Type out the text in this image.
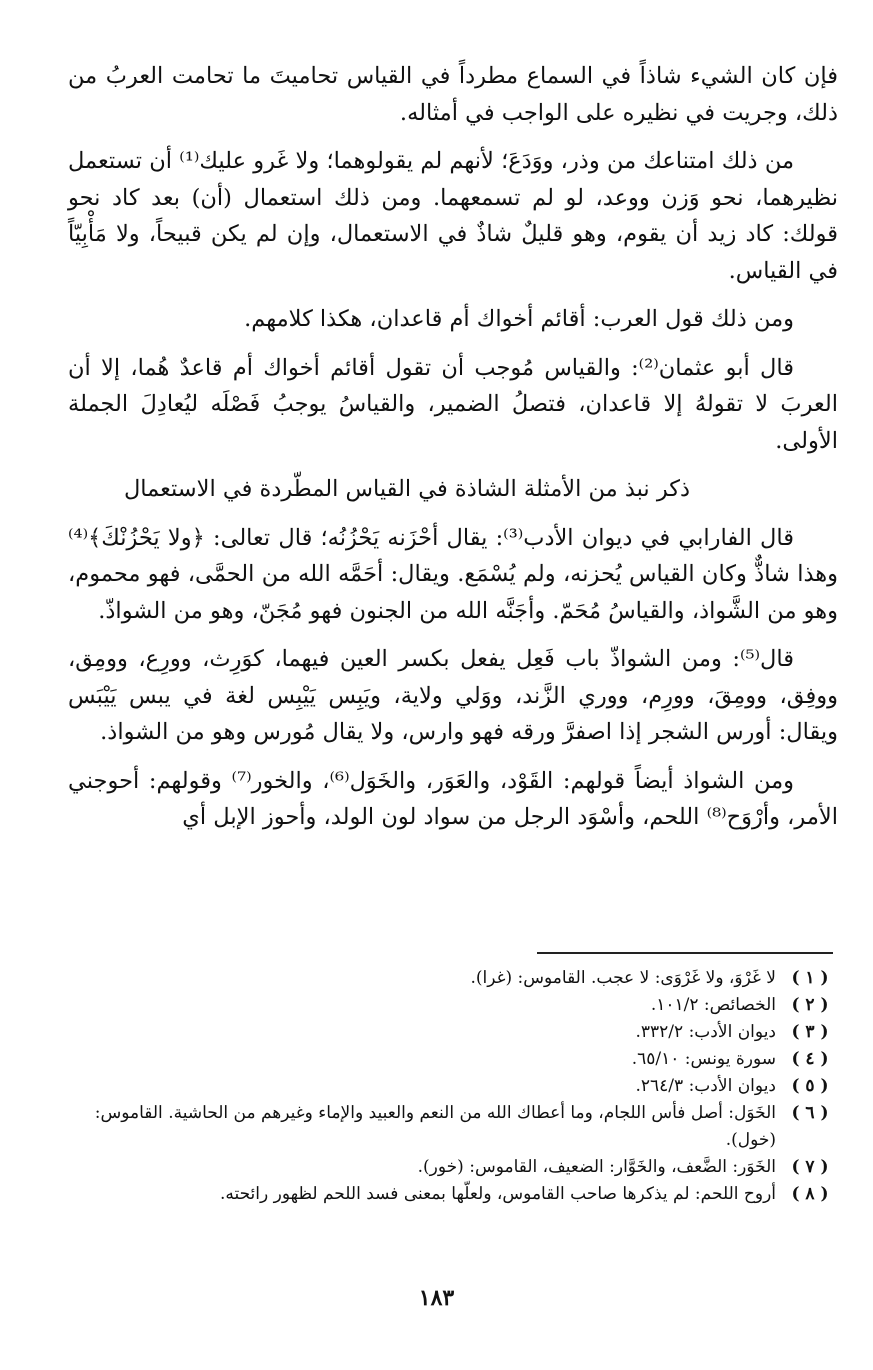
فإن كان الشيء شاذاً في السماع مطرداً في القياس تحاميتَ ما تحامت العربُ من ذلك، وجريت في نظيره على الواجب في أمثاله.

من ذلك امتناعك من وذر، ووَدَعَ؛ لأنهم لم يقولوهما؛ ولا غَرو عليك⁽¹⁾ أن تستعمل نظيرهما، نحو وَزن ووعد، لو لم تسمعهما. ومن ذلك استعمال (أن) بعد كاد نحو قولك: كاد زيد أن يقوم، وهو قليلٌ شاذٌ في الاستعمال، وإن لم يكن قبيحاً، ولا مَأْبِيّاً في القياس.

ومن ذلك قول العرب: أقائم أخواك أم قاعدان، هكذا كلامهم.

قال أبو عثمان⁽²⁾: والقياس مُوجب أن تقول أقائم أخواك أم قاعدٌ هُما، إلا أن العربَ لا تقولهُ إلا قاعدان، فتصلُ الضمير، والقياسُ يوجبُ فَصْلَه ليُعادِلَ الجملة الأولى.

ذكر نبذ من الأمثلة الشاذة في القياس المطّردة في الاستعمال

قال الفارابي في ديوان الأدب⁽³⁾: يقال أحْزَنه يَحْزُنُه؛ قال تعالى: ﴿ولا يَحْزُنْكَ﴾⁽⁴⁾ وهذا شاذٌّ وكان القياس يُحزنه، ولم يُسْمَع. ويقال: أحَمَّه الله من الحمَّى، فهو محموم، وهو من الشَّواذ، والقياسُ مُحَمّ. وأجَنَّه الله من الجنون فهو مُجَنّ، وهو من الشواذّ.

قال⁽⁵⁾: ومن الشواذّ باب فَعِل يفعل بكسر العين فيهما، كوَرِث، وورِع، وومِق، ووفِق، وومِقَ، وورِم، ووري الزَّند، ووَلي ولاية، ويَبِس يَيْبِس لغة في يبس يَيْبَس ويقال: أورس الشجر إذا اصفرَّ ورقه فهو وارس، ولا يقال مُورس وهو من الشواذ.

ومن الشواذ أيضاً قولهم: القَوْد، والعَوَر، والخَوَل⁽⁶⁾، والخور⁽⁷⁾ وقولهم: أحوجني الأمر، وأرْوَح⁽⁸⁾ اللحم، وأسْوَد الرجل من سواد لون الولد، وأحوز الإبل أي

( ١ )
لا غَرْوَ، ولا غَرْوَى: لا عجب. القاموس: (غرا).
( ٢ )
الخصائص: ١٠١/٢.
( ٣ )
ديوان الأدب: ٣٣٢/٢.
( ٤ )
سورة يونس: ٦٥/١٠.
( ٥ )
ديوان الأدب: ٢٦٤/٣.
( ٦ )
الخَوَل: أصل فأس اللجام، وما أعطاك الله من النعم والعبيد والإماء وغيرهم من الحاشية. القاموس: (خول).
( ٧ )
الخَوَر: الضَّعف، والخَوَّار: الضعيف، القاموس: (خور).
( ٨ )
أروح اللحم: لم يذكرها صاحب القاموس، ولعلّها بمعنى فسد اللحم لظهور رائحته.
١٨٣
